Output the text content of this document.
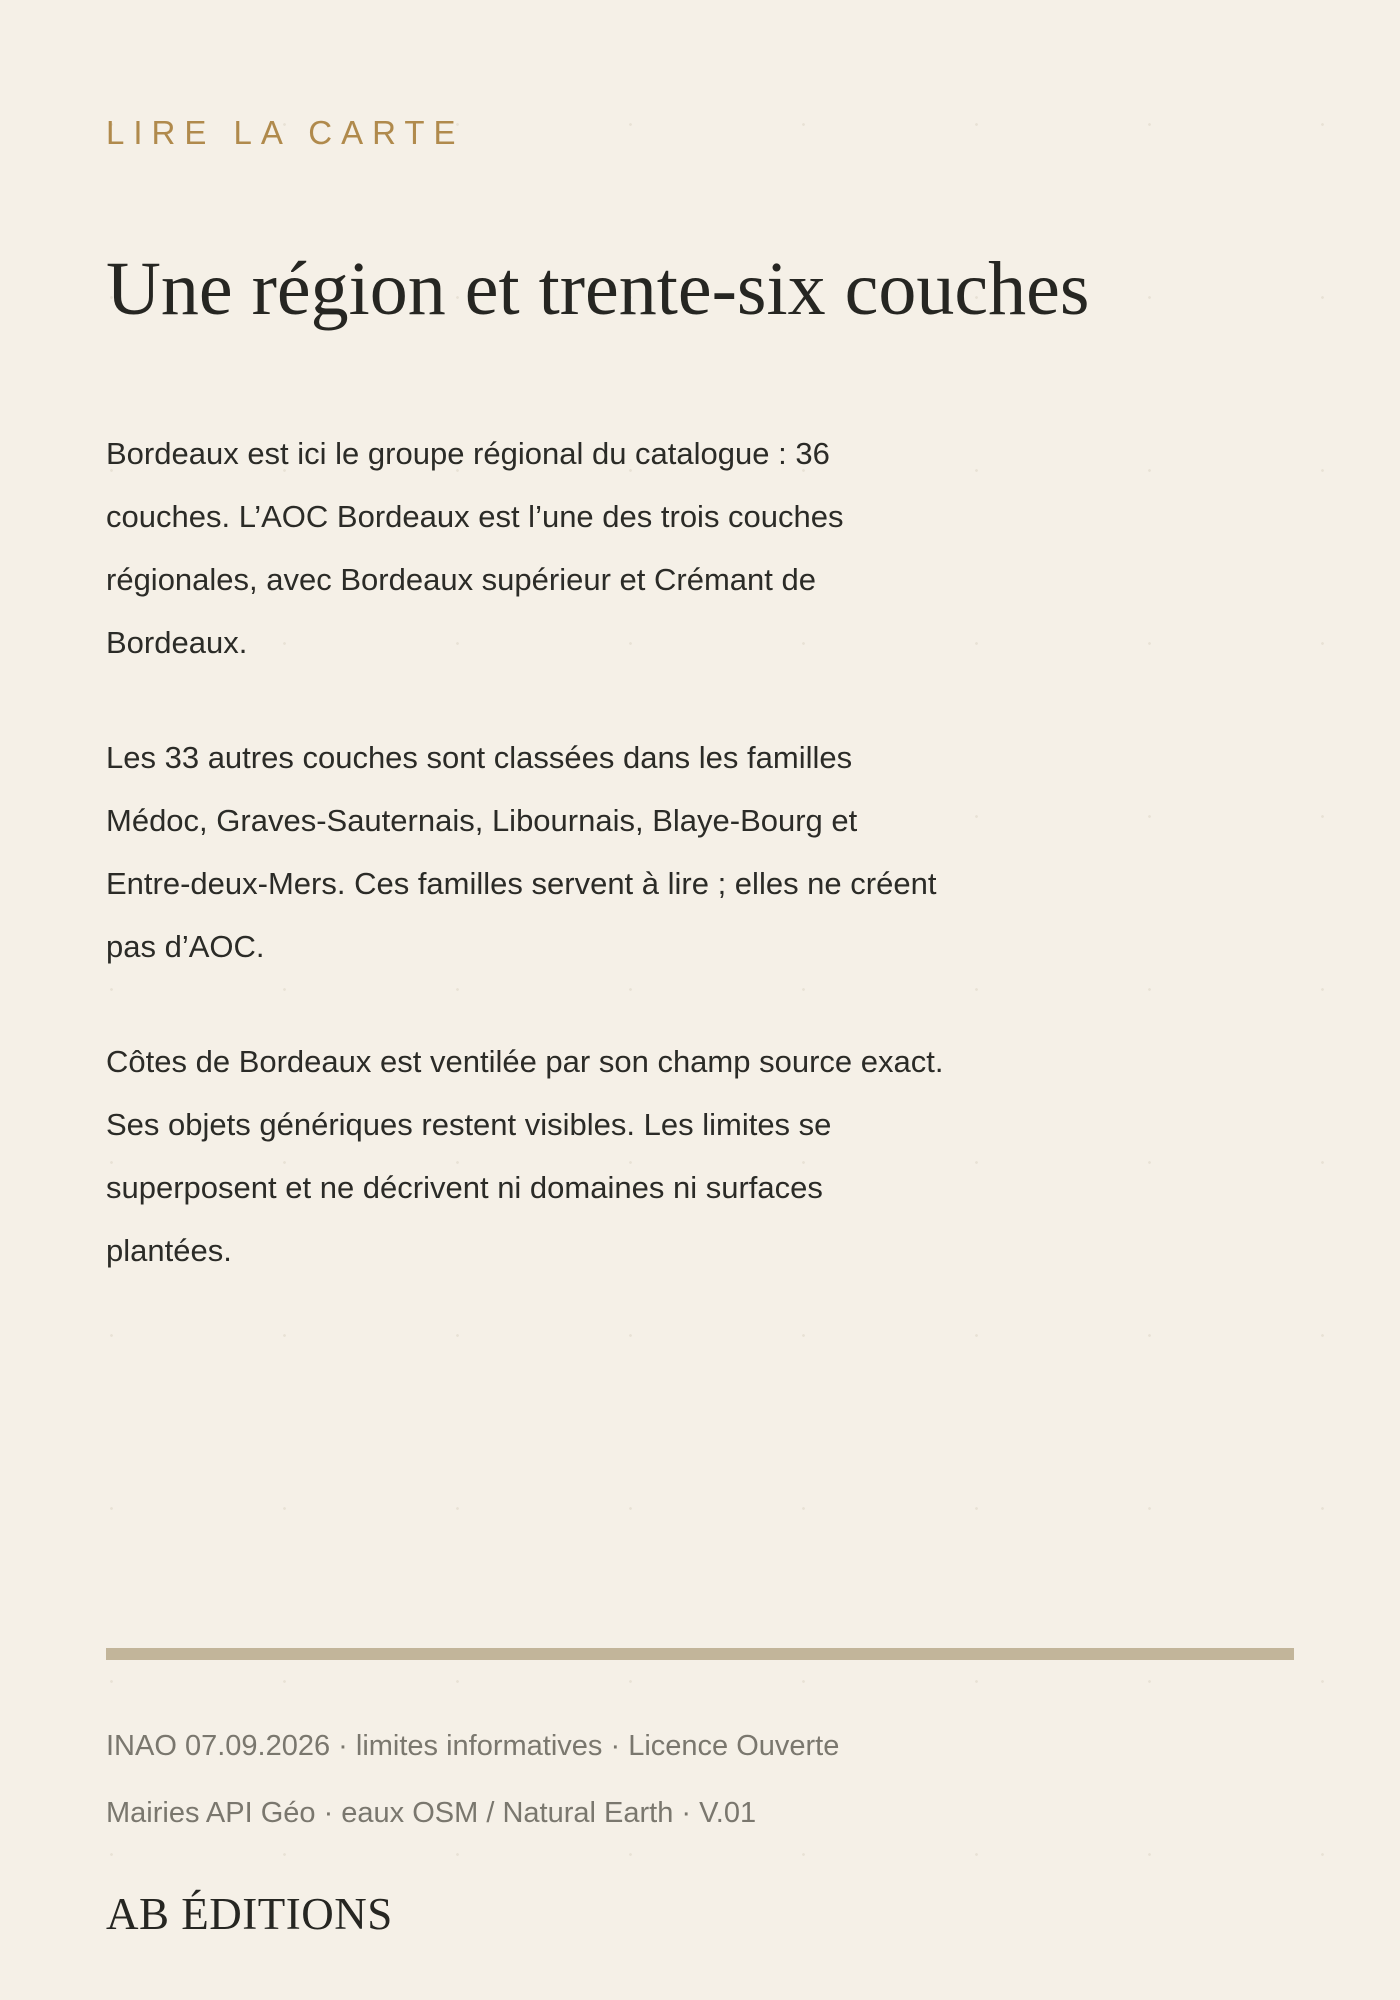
LIRE LA CARTE

Une région et trente-six couches

Bordeaux est ici le groupe régional du catalogue : 36 couches. L’AOC Bordeaux est l’une des trois couches régionales, avec Bordeaux supérieur et Crémant de Bordeaux.

Les 33 autres couches sont classées dans les familles Médoc, Graves-Sauternais, Libournais, Blaye-Bourg et Entre-deux-Mers. Ces familles servent à lire ; elles ne créent pas d’AOC.

Côtes de Bordeaux est ventilée par son champ source exact. Ses objets génériques restent visibles. Les limites se superposent et ne décrivent ni domaines ni surfaces plantées.

INAO 07.09.2026 · limites informatives · Licence Ouverte

Mairies API Géo · eaux OSM / Natural Earth · V.01

AB ÉDITIONS
